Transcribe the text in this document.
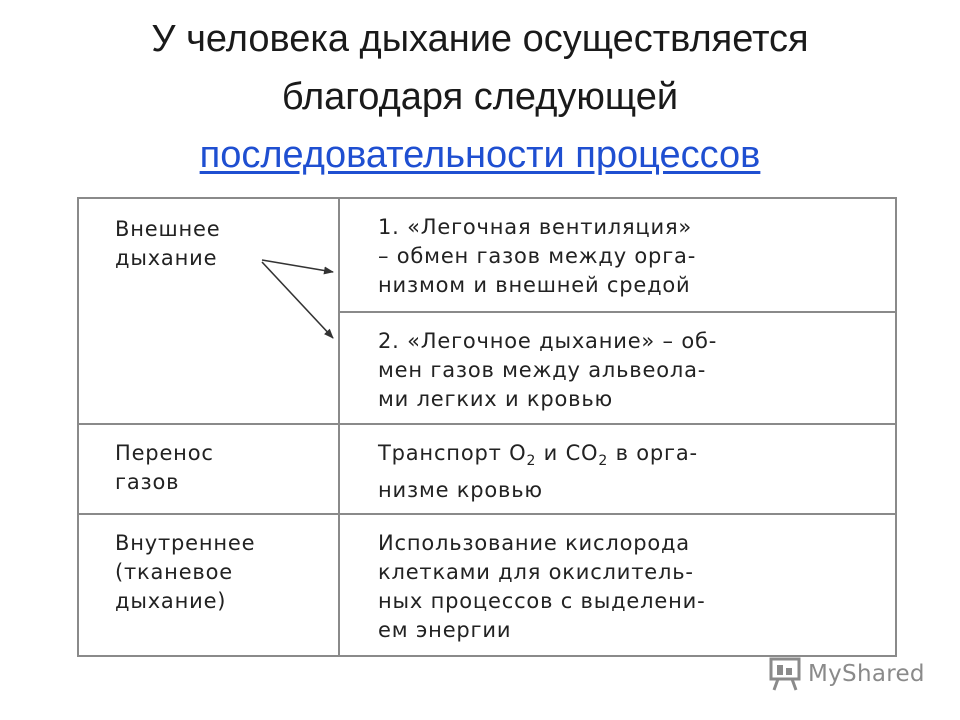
У человека дыхание осуществляется
благодаря следующей
последовательности процессов
Внешнее
дыхание	1. «Легочная вентиляция»
– обмен газов между орга-
низмом и внешней средой

	2. «Легочное дыхание» – об-
мен газов между альвеола-
ми легких и кровью

Перенос
газов	Транспорт $O_2$ и $CO_2$ в орга-
низме кровью

Внутреннее
(тканевое
дыхание)	Использование кислорода
клетками для окислитель-
ных процессов с выделени-
ем энергии
MyShared
